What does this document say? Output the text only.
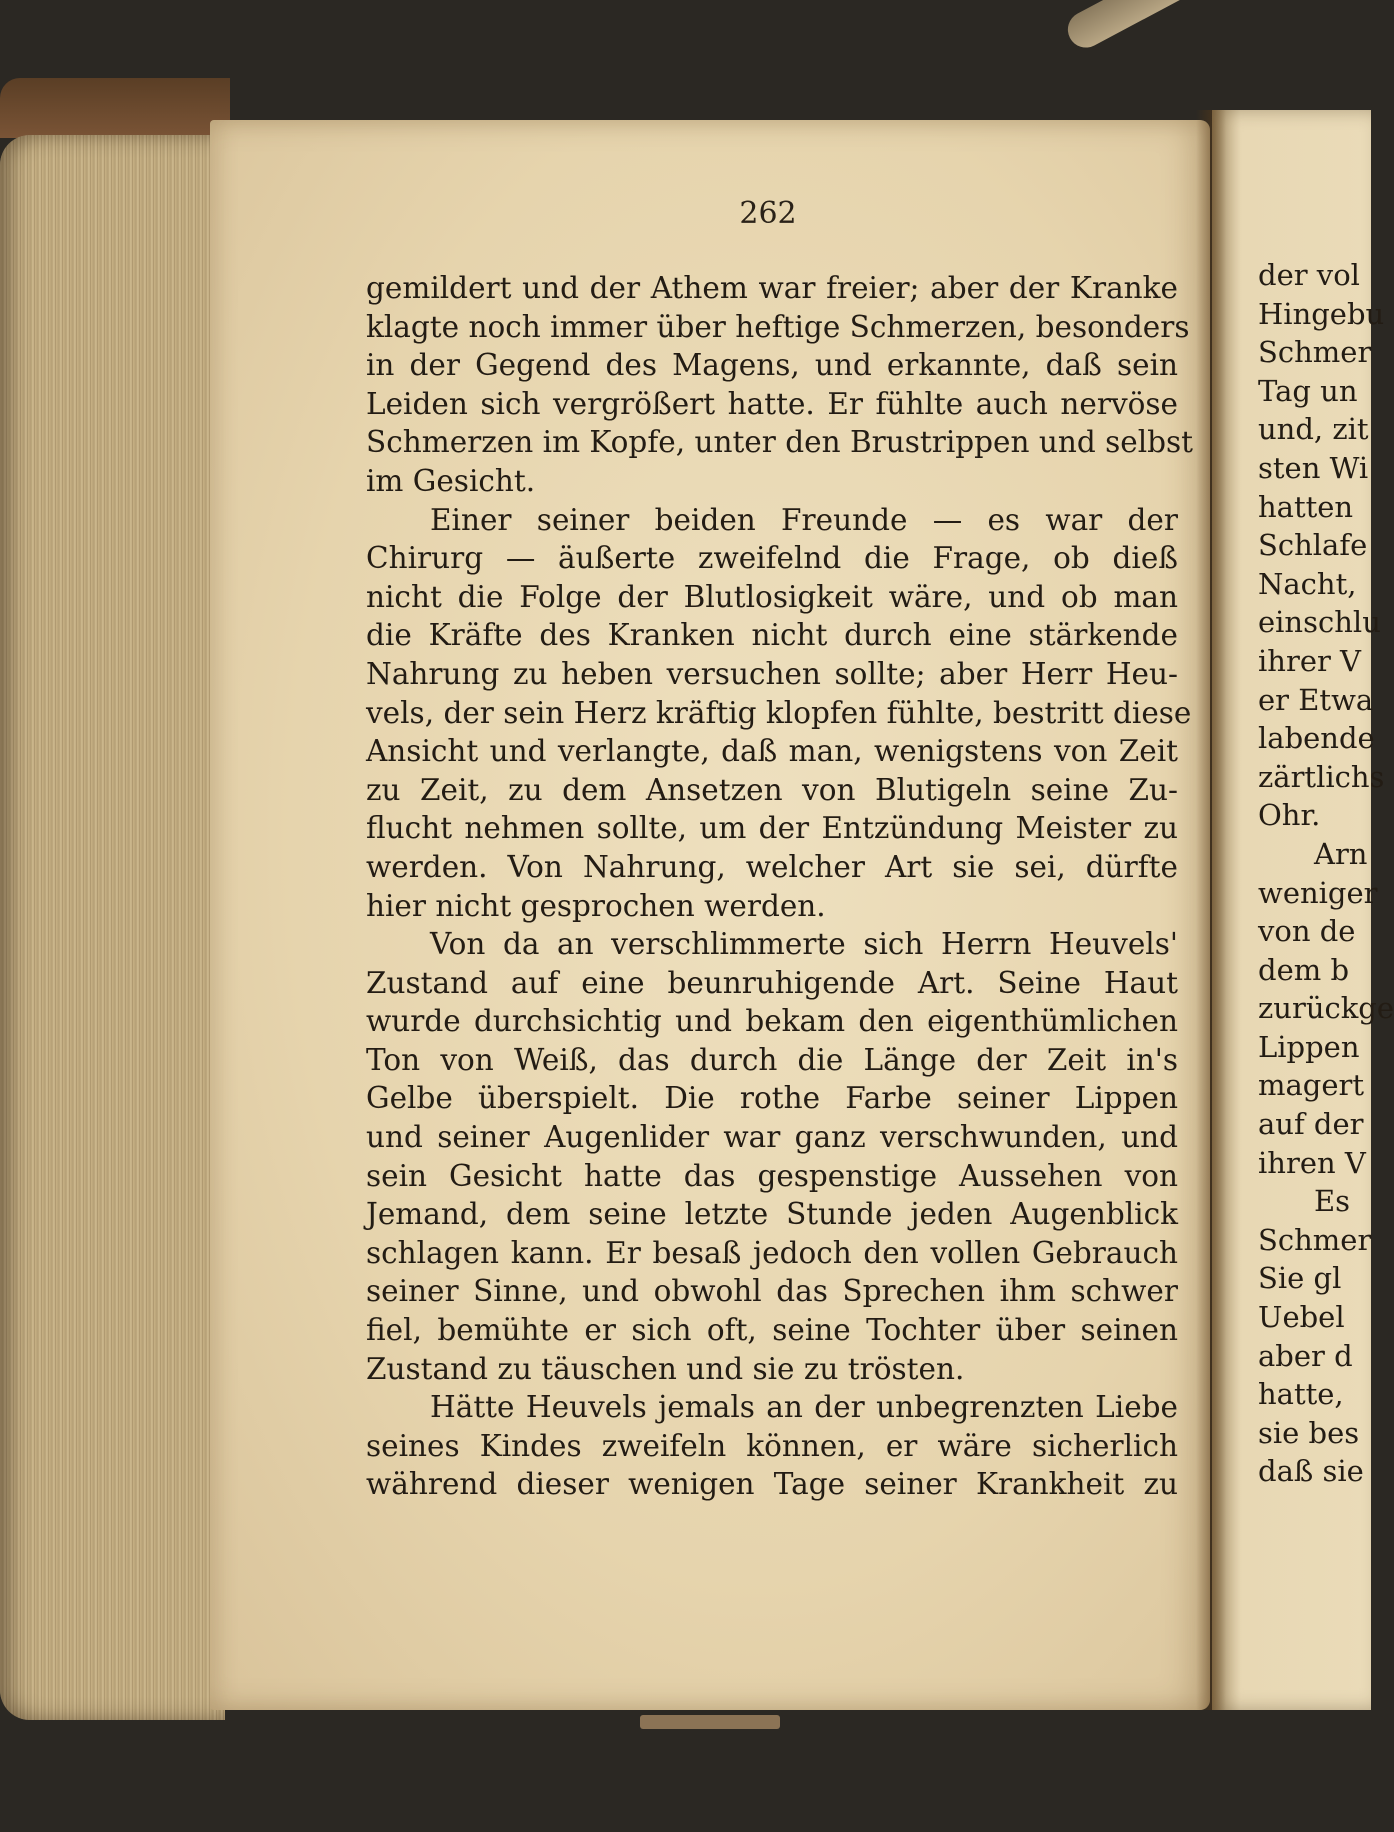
262
gemildert und der Athem war freier; aber der Kranke
klagte noch immer über heftige Schmerzen, besonders
in der Gegend des Magens, und erkannte, daß sein
Leiden sich vergrößert hatte. Er fühlte auch nervöse
Schmerzen im Kopfe, unter den Brustrippen und selbst
im Gesicht.
Einer seiner beiden Freunde — es war der
Chirurg — äußerte zweifelnd die Frage, ob dieß
nicht die Folge der Blutlosigkeit wäre, und ob man
die Kräfte des Kranken nicht durch eine stärkende
Nahrung zu heben versuchen sollte; aber Herr Heu-
vels, der sein Herz kräftig klopfen fühlte, bestritt diese
Ansicht und verlangte, daß man, wenigstens von Zeit
zu Zeit, zu dem Ansetzen von Blutigeln seine Zu-
flucht nehmen sollte, um der Entzündung Meister zu
werden. Von Nahrung, welcher Art sie sei, dürfte
hier nicht gesprochen werden.
Von da an verschlimmerte sich Herrn Heuvels'
Zustand auf eine beunruhigende Art. Seine Haut
wurde durchsichtig und bekam den eigenthümlichen
Ton von Weiß, das durch die Länge der Zeit in's
Gelbe überspielt. Die rothe Farbe seiner Lippen
und seiner Augenlider war ganz verschwunden, und
sein Gesicht hatte das gespenstige Aussehen von
Jemand, dem seine letzte Stunde jeden Augenblick
schlagen kann. Er besaß jedoch den vollen Gebrauch
seiner Sinne, und obwohl das Sprechen ihm schwer
fiel, bemühte er sich oft, seine Tochter über seinen
Zustand zu täuschen und sie zu trösten.
Hätte Heuvels jemals an der unbegrenzten Liebe
seines Kindes zweifeln können, er wäre sicherlich
während dieser wenigen Tage seiner Krankheit zu
der vol
Hingebu
Schmer
Tag un
und, zit
sten Wi
hatten
Schlafe
Nacht,
einschlu
ihrer V
er Etwa
labende
zärtlichs
Ohr.
Arn
weniger
von de
dem b
zurückge
Lippen
magert
auf der
ihren V
Es
Schmer
Sie gl
Uebel
aber d
hatte,
sie bes
daß sie
